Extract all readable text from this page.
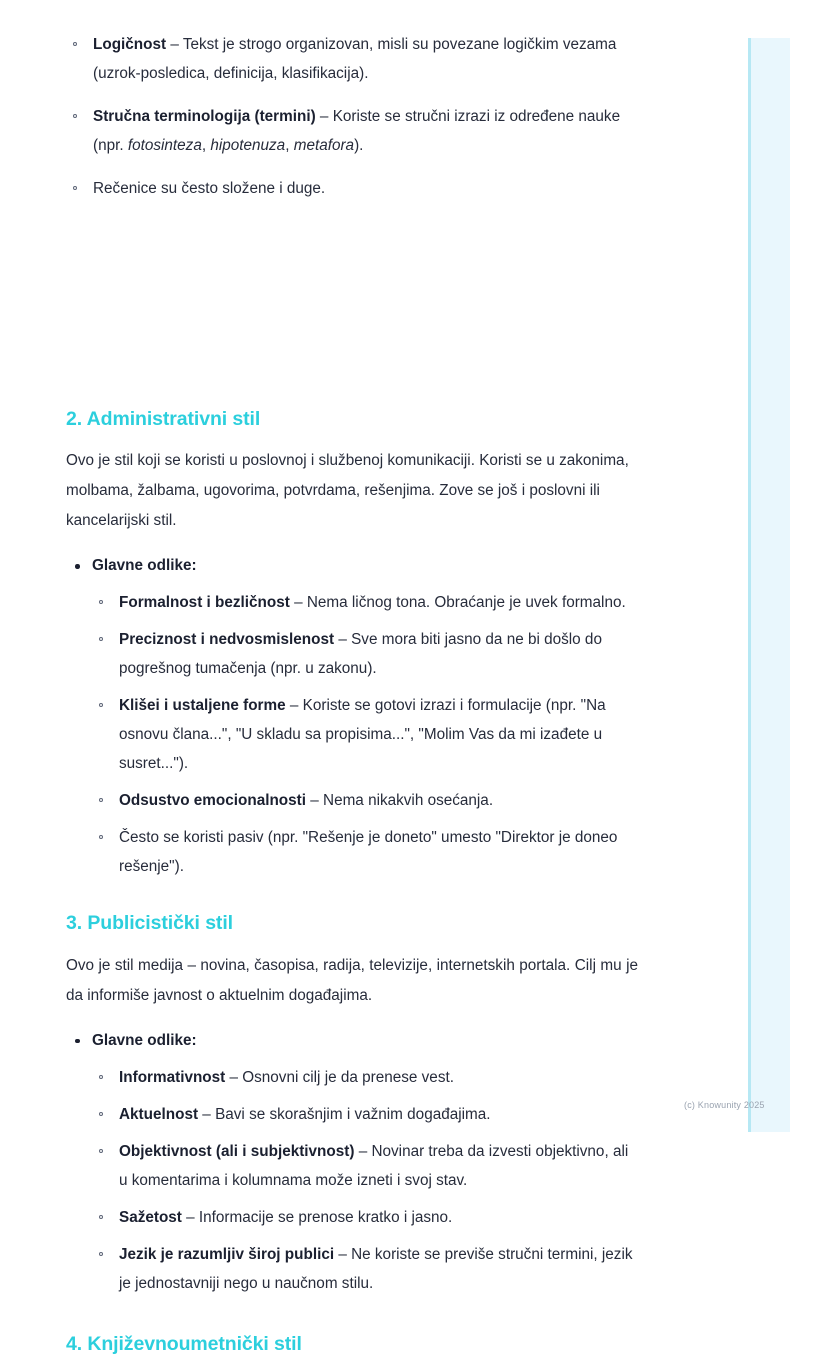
Logičnost – Tekst je strogo organizovan, misli su povezane logičkim vezama (uzrok-posledica, definicija, klasifikacija).
Stručna terminologija (termini) – Koriste se stručni izrazi iz određene nauke (npr. fotosinteza, hipotenuza, metafora).
Rečenice su često složene i duge.
2. Administrativni stil

Ovo je stil koji se koristi u poslovnoj i službenoj komunikaciji. Koristi se u zakonima, molbama, žalbama, ugovorima, potvrdama, rešenjima. Zove se još i poslovni ili kancelarijski stil.

Glavne odlike:
Formalnost i bezličnost – Nema ličnog tona. Obraćanje je uvek formalno.
Preciznost i nedvosmislenost – Sve mora biti jasno da ne bi došlo do pogrešnog tumačenja (npr. u zakonu).
Klišei i ustaljene forme – Koriste se gotovi izrazi i formulacije (npr. "Na osnovu člana...", "U skladu sa propisima...", "Molim Vas da mi izađete u susret...").
Odsustvo emocionalnosti – Nema nikakvih osećanja.
Često se koristi pasiv (npr. "Rešenje je doneto" umesto "Direktor je doneo rešenje").
3. Publicistički stil

Ovo je stil medija – novina, časopisa, radija, televizije, internetskih portala. Cilj mu je da informiše javnost o aktuelnim događajima.

Glavne odlike:
Informativnost – Osnovni cilj je da prenese vest.
Aktuelnost – Bavi se skorašnjim i važnim događajima.
Objektivnost (ali i subjektivnost) – Novinar treba da izvesti objektivno, ali u komentarima i kolumnama može izneti i svoj stav.
Sažetost – Informacije se prenose kratko i jasno.
Jezik je razumljiv široj publici – Ne koriste se previše stručni termini, jezik je jednostavniji nego u naučnom stilu.
4. Književnoumetnički stil
(c) Knowunity 2025
